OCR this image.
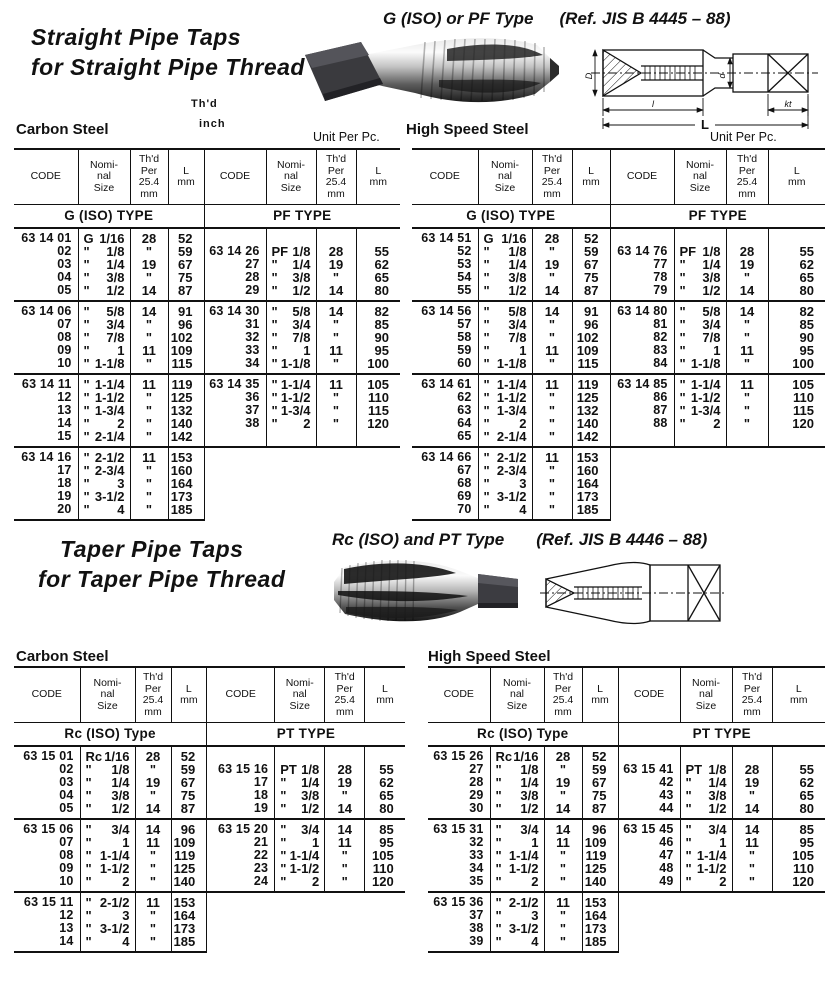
Straight Pipe Taps
for Straight Pipe Thread
G (ISO) or PF Type (Ref. JIS B 4445 – 88)
D
l	kt
d
L
Carbon Steel
Th'd
inch
Unit Per Pc. High Speed Steel	Unit Per Pc.
CODE	Nomi-
nal
Size	Th'd
Per
25.4
mm	L
mm	CODE	Nomi-
nal
Size	Th'd
Per
25.4
mm	L
mm
G (ISO) TYPE				PF TYPE			
63 14 01	G 1/16	28	52				
02	" 1/8	"	59	63 14 26	PF 1/8	28	55
03	" 1/4	19	67	27	" 1/4	19	62
04	" 3/8	"	75	28	" 3/8	"	65
05	" 1/2	14	87	29	" 1/2	14	80
63 14 06	" 5/8	14	91	63 14 30	" 5/8	14	82
07	" 3/4	"	96	31	" 3/4	"	85
08	" 7/8	"	102	32	" 7/8	"	90
09	" 1	11	109	33	" 1	11	95
10	" 1-1/8	"	115	34	" 1-1/8	"	100
63 14 11	" 1-1/4	11	119	63 14 35	" 1-1/4	11	105
12	" 1-1/2	"	125	36	" 1-1/2	"	110
13	" 1-3/4	"	132	37	" 1-3/4	"	115
14	" 2	"	140	38	" 2	"	120
15	" 2-1/4	"	142				
63 14 16	" 2-1/2	11	153				
17	" 2-3/4	"	160				
18	" 3	"	164				
19	" 3-1/2	"	173				
20	" 4	"	185				
CODE	Nomi-
nal
Size	Th'd
Per
25.4
mm	L
mm	CODE	Nomi-
nal
Size	Th'd
Per
25.4
mm	L
mm
G (ISO) TYPE				PF TYPE			
63 14 51	G 1/16	28	52				
52	" 1/8	"	59	63 14 76	PF 1/8	28	55
53	" 1/4	19	67	77	" 1/4	19	62
54	" 3/8	"	75	78	" 3/8	"	65
55	" 1/2	14	87	79	" 1/2	14	80
63 14 56	" 5/8	14	91	63 14 80	" 5/8	14	82
57	" 3/4	"	96	81	" 3/4	"	85
58	" 7/8	"	102	82	" 7/8	"	90
59	" 1	11	109	83	" 1	11	95
60	" 1-1/8	"	115	84	" 1-1/8	"	100
63 14 61	" 1-1/4	11	119	63 14 85	" 1-1/4	11	105
62	" 1-1/2	"	125	86	" 1-1/2	"	110
63	" 1-3/4	"	132	87	" 1-3/4	"	115
64	" 2	"	140	88	" 2	"	120
65	" 2-1/4	"	142				
63 14 66	" 2-1/2	11	153				
67	" 2-3/4	"	160				
68	" 3	"	164				
69	" 3-1/2	"	173				
70	" 4	"	185				
Taper Pipe Taps
for Taper Pipe Thread
Rc (ISO) and PT Type (Ref. JIS B 4446 – 88)
Carbon Steel	High Speed Steel
CODE	Nomi-
nal
Size	Th'd
Per
25.4
mm	L
mm	CODE	Nomi-
nal
Size	Th'd
Per
25.4
mm	L
mm
Rc (ISO) Type				PT TYPE			
63 15 01	Rc 1/16	28	52				
02	" 1/8	"	59	63 15 16	PT 1/8	28	55
03	" 1/4	19	67	17	" 1/4	19	62
04	" 3/8	"	75	18	" 3/8	"	65
05	" 1/2	14	87	19	" 1/2	14	80
63 15 06	" 3/4	14	96	63 15 20	" 3/4	14	85
07	" 1	11	109	21	" 1	11	95
08	" 1-1/4	"	119	22	" 1-1/4	"	105
09	" 1-1/2	"	125	23	" 1-1/2	"	110
10	" 2	"	140	24	" 2	"	120
63 15 11	" 2-1/2	11	153				
12	" 3	"	164				
13	" 3-1/2	"	173				
14	" 4	"	185				
CODE	Nomi-
nal
Size	Th'd
Per
25.4
mm	L
mm	CODE	Nomi-
nal
Size	Th'd
Per
25.4
mm	L
mm
Rc (ISO) Type				PT TYPE			
63 15 26	Rc 1/16	28	52				
27	" 1/8	"	59	63 15 41	PT 1/8	28	55
28	" 1/4	19	67	42	" 1/4	19	62
29	" 3/8	"	75	43	" 3/8	"	65
30	" 1/2	14	87	44	" 1/2	14	80
63 15 31	" 3/4	14	96	63 15 45	" 3/4	14	85
32	" 1	11	109	46	" 1	11	95
33	" 1-1/4	"	119	47	" 1-1/4	"	105
34	" 1-1/2	"	125	48	" 1-1/2	"	110
35	" 2	"	140	49	" 2	"	120
63 15 36	" 2-1/2	11	153				
37	" 3	"	164				
38	" 3-1/2	"	173				
39	" 4	"	185				
